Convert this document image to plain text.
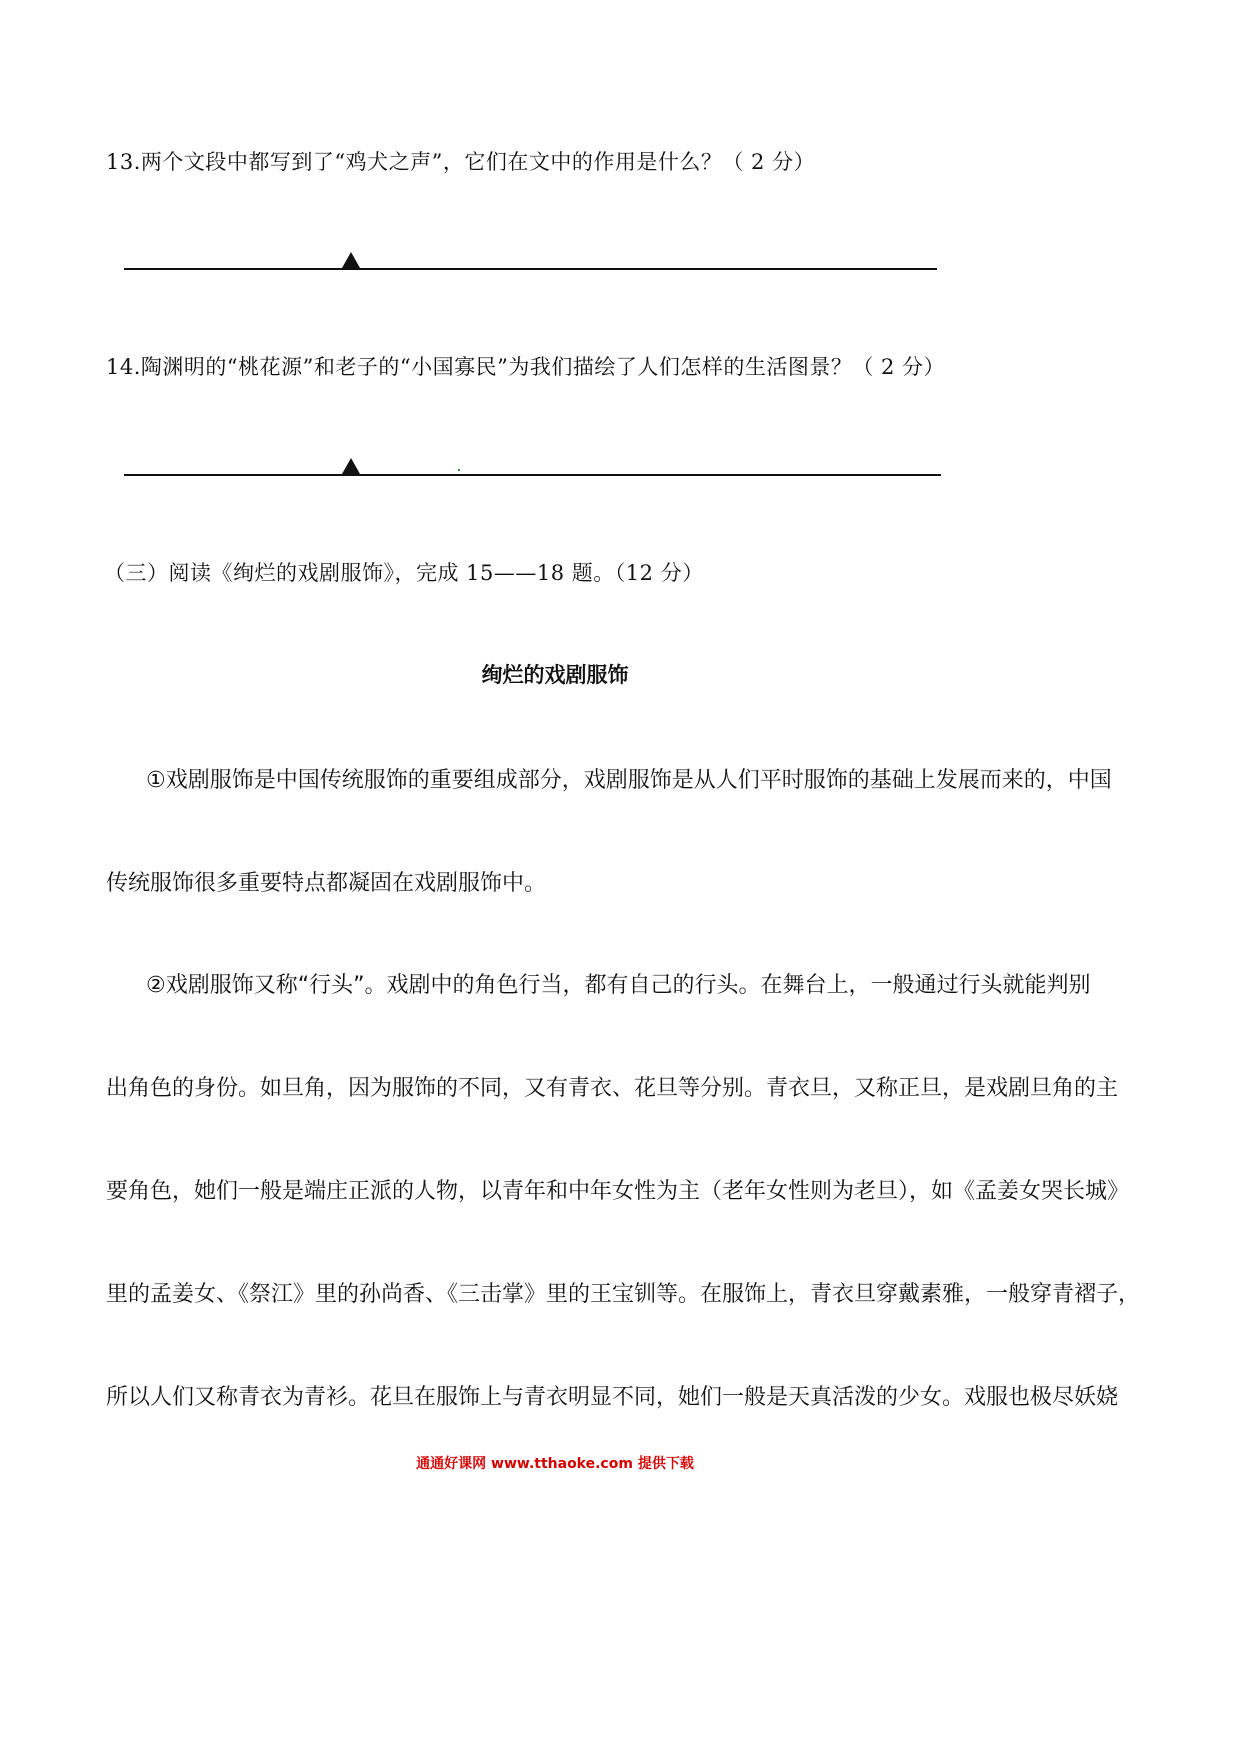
13.两个文段中都写到了“鸡犬之声”，它们在文中的作用是什么？（ 2 分）
14.陶渊明的“桃花源”和老子的“小国寡民”为我们描绘了人们怎样的生活图景？（ 2 分）
（三）阅读《绚烂的戏剧服饰》，完成 15——18 题。（12 分）
绚烂的戏剧服饰
①戏剧服饰是中国传统服饰的重要组成部分，戏剧服饰是从人们平时服饰的基础上发展而来的，中国
传统服饰很多重要特点都凝固在戏剧服饰中。
②戏剧服饰又称“行头”。戏剧中的角色行当，都有自己的行头。在舞台上，一般通过行头就能判别
出角色的身份。如旦角，因为服饰的不同，又有青衣、花旦等分别。青衣旦，又称正旦，是戏剧旦角的主
要角色，她们一般是端庄正派的人物，以青年和中年女性为主（老年女性则为老旦），如《孟姜女哭长城》
里的孟姜女、《祭江》里的孙尚香、《三击掌》里的王宝钏等。在服饰上，青衣旦穿戴素雅，一般穿青褶子，
所以人们又称青衣为青衫。花旦在服饰上与青衣明显不同，她们一般是天真活泼的少女。戏服也极尽妖娆
通通好课网 www.tthaoke.com 提供下载
